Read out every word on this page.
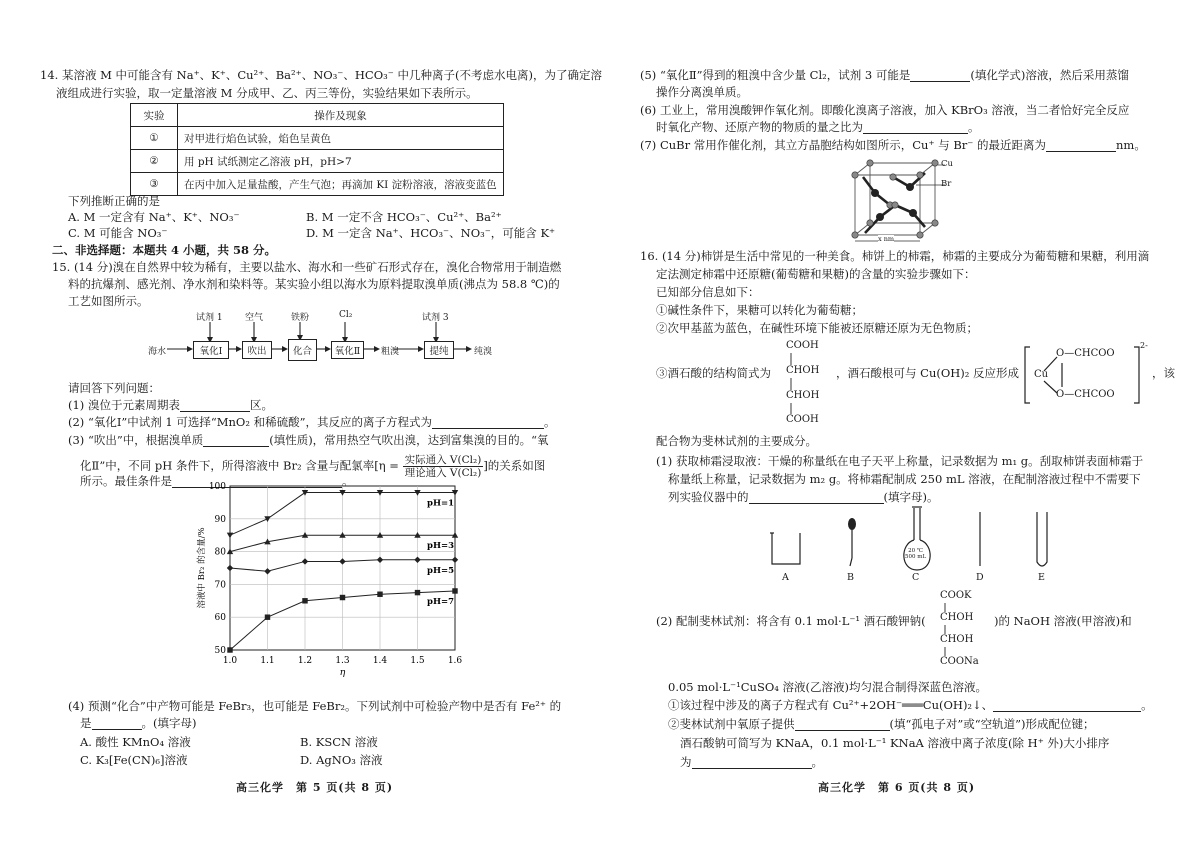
14. 某溶液 M 中可能含有 Na⁺、K⁺、Cu²⁺、Ba²⁺、NO₃⁻、HCO₃⁻ 中几种离子(不考虑水电离)，为了确定溶
液组成进行实验，取一定量溶液 M 分成甲、乙、丙三等份，实验结果如下表所示。
实验	操作及现象
①	对甲进行焰色试验，焰色呈黄色
②	用 pH 试纸测定乙溶液 pH，pH>7
③	在丙中加入足量盐酸，产生气泡；再滴加 KI 淀粉溶液，溶液变蓝色
下列推断正确的是
A. M 一定含有 Na⁺、K⁺、NO₃⁻	B. M 一定不含 HCO₃⁻、Cu²⁺、Ba²⁺
C. M 可能含 NO₃⁻	D. M 一定含 Na⁺、HCO₃⁻、NO₃⁻，可能含 K⁺
二、非选择题：本题共 4 小题，共 58 分。
15. (14 分)溴在自然界中较为稀有，主要以盐水、海水和一些矿石形式存在，溴化合物常用于制造燃
料的抗爆剂、感光剂、净水剂和染料等。某实验小组以海水为原料提取溴单质(沸点为 58.8 ℃)的
工艺如图所示。
海水	氧化Ⅰ	吹出	化合	氧化Ⅱ	粗溴	提纯	纯溴
试剂 1 空气	铁粉	Cl₂	试剂 3
请回答下列问题：
(1) 溴位于元素周期表	区。
(2) “氧化Ⅰ”中试剂 1 可选择“MnO₂ 和稀硫酸”，其反应的离子方程式为	。
(3) “吹出”中，根据溴单质	(填性质)，常用热空气吹出溴，达到富集溴的目的。“氧
化Ⅱ”中，不同 pH 条件下，所得溶液中 Br₂ 含量与配氯率[η = 实际通入 V(Cl₂)
理论通入 V(Cl₂)
]的关系如图
所示。最佳条件是	。
1.0	1.1	1.2	1.3	1.4	1.5	1.6
50
60
70
80
90
100
η
溶液中 Br₂ 的含量/%
pH=1
pH=3
pH=5
pH=7
(4) 预测“化合”中产物可能是 FeBr₃，也可能是 FeBr₂。下列试剂中可检验产物中是否有 Fe²⁺ 的
是	。(填字母)
A. 酸性 KMnO₄ 溶液	B. KSCN 溶液
C. K₃[Fe(CN)₆]溶液	D. AgNO₃ 溶液
高三化学　第 5 页(共 8 页)
(5) “氧化Ⅱ”得到的粗溴中含少量 Cl₂，试剂 3 可能是	(填化学式)溶液，然后采用蒸馏
操作分离溴单质。
(6) 工业上，常用溴酸钾作氧化剂。即酸化溴离子溶液，加入 KBrO₃ 溶液，当二者恰好完全反应
时氧化产物、还原产物的物质的量之比为	。
(7) CuBr 常用作催化剂，其立方晶胞结构如图所示，Cu⁺ 与 Br⁻ 的最近距离为	nm。
Cu
Br
x nm
16. (14 分)柿饼是生活中常见的一种美食。柿饼上的柿霜，柿霜的主要成分为葡萄糖和果糖，利用滴
定法测定柿霜中还原糖(葡萄糖和果糖)的含量的实验步骤如下：
已知部分信息如下：
①碱性条件下，果糖可以转化为葡萄糖；
②次甲基蓝为蓝色，在碱性环境下能被还原糖还原为无色物质；
③酒石酸的结构简式为
COOH
CHOH
CHOH
COOH
，酒石酸根可与 Cu(OH)₂ 反应形成 Cu
O—CHCOO
O—CHCOO
2-
，该
配合物为斐林试剂的主要成分。
(1) 获取柿霜浸取液：干燥的称量纸在电子天平上称量，记录数据为 m₁ g。刮取柿饼表面柿霜于
称量纸上称量，记录数据为 m₂ g。将柿霜配制成 250 mL 溶液，在配制溶液过程中不需要下
列实验仪器中的	(填字母)。
20 ℃
500 mL
A	B	C	D	E
(2) 配制斐林试剂：将含有 0.1 mol·L⁻¹ 酒石酸钾钠(
COOK
CHOH
CHOH
COONa
)的 NaOH 溶液(甲溶液)和
0.05 mol·L⁻¹CuSO₄ 溶液(乙溶液)均匀混合制得深蓝色溶液。
①该过程中涉及的离子方程式有 Cu²⁺+2OH⁻═══Cu(OH)₂↓、	。
②斐林试剂中氧原子提供	(填“孤电子对”或“空轨道”)形成配位键；
酒石酸钠可简写为 KNaA，0.1 mol·L⁻¹ KNaA 溶液中离子浓度(除 H⁺ 外)大小排序
为	。
高三化学　第 6 页(共 8 页)
